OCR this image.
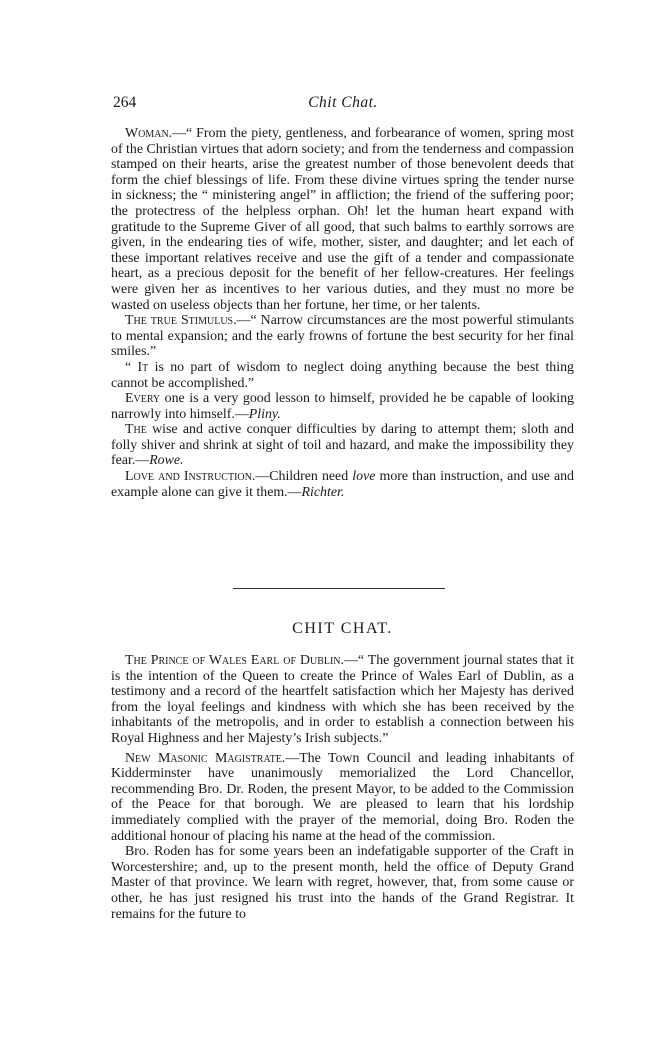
264	Chit Chat.

Woman.—“ From the piety, gentleness, and forbearance of women, spring most of the Christian virtues that adorn society; and from the tenderness and compassion stamped on their hearts, arise the greatest number of those benevolent deeds that form the chief blessings of life. From these divine virtues spring the tender nurse in sickness; the “ ministering angel” in affliction; the friend of the suffering poor; the protectress of the helpless orphan. Oh! let the human heart expand with gratitude to the Supreme Giver of all good, that such balms to earthly sorrows are given, in the endearing ties of wife, mother, sister, and daughter; and let each of these important relatives receive and use the gift of a tender and compassionate heart, as a precious deposit for the benefit of her fellow-creatures. Her feelings were given her as incentives to her various duties, and they must no more be wasted on useless objects than her fortune, her time, or her talents.

The true Stimulus.—“ Narrow circumstances are the most powerful stimulants to mental expansion; and the early frowns of fortune the best security for her final smiles.”

“ It is no part of wisdom to neglect doing anything because the best thing cannot be accomplished.”

Every one is a very good lesson to himself, provided he be capable of looking narrowly into himself.—Pliny.

The wise and active conquer difficulties by daring to attempt them; sloth and folly shiver and shrink at sight of toil and hazard, and make the impossibility they fear.—Rowe.

Love and Instruction.—Children need love more than instruction, and use and example alone can give it them.—Richter.

CHIT CHAT.

The Prince of Wales Earl of Dublin.—“ The government journal states that it is the intention of the Queen to create the Prince of Wales Earl of Dublin, as a testimony and a record of the heartfelt satisfaction which her Majesty has derived from the loyal feelings and kindness with which she has been received by the inhabitants of the metropolis, and in order to establish a connection between his Royal Highness and her Majesty’s Irish subjects.”

New Masonic Magistrate.—The Town Council and leading inhabitants of Kidderminster have unanimously memorialized the Lord Chancellor, recommending Bro. Dr. Roden, the present Mayor, to be added to the Commission of the Peace for that borough. We are pleased to learn that his lordship immediately complied with the prayer of the memorial, doing Bro. Roden the additional honour of placing his name at the head of the commission.

Bro. Roden has for some years been an indefatigable supporter of the Craft in Worcestershire; and, up to the present month, held the office of Deputy Grand Master of that province. We learn with regret, however, that, from some cause or other, he has just resigned his trust into the hands of the Grand Registrar. It remains for the future to
